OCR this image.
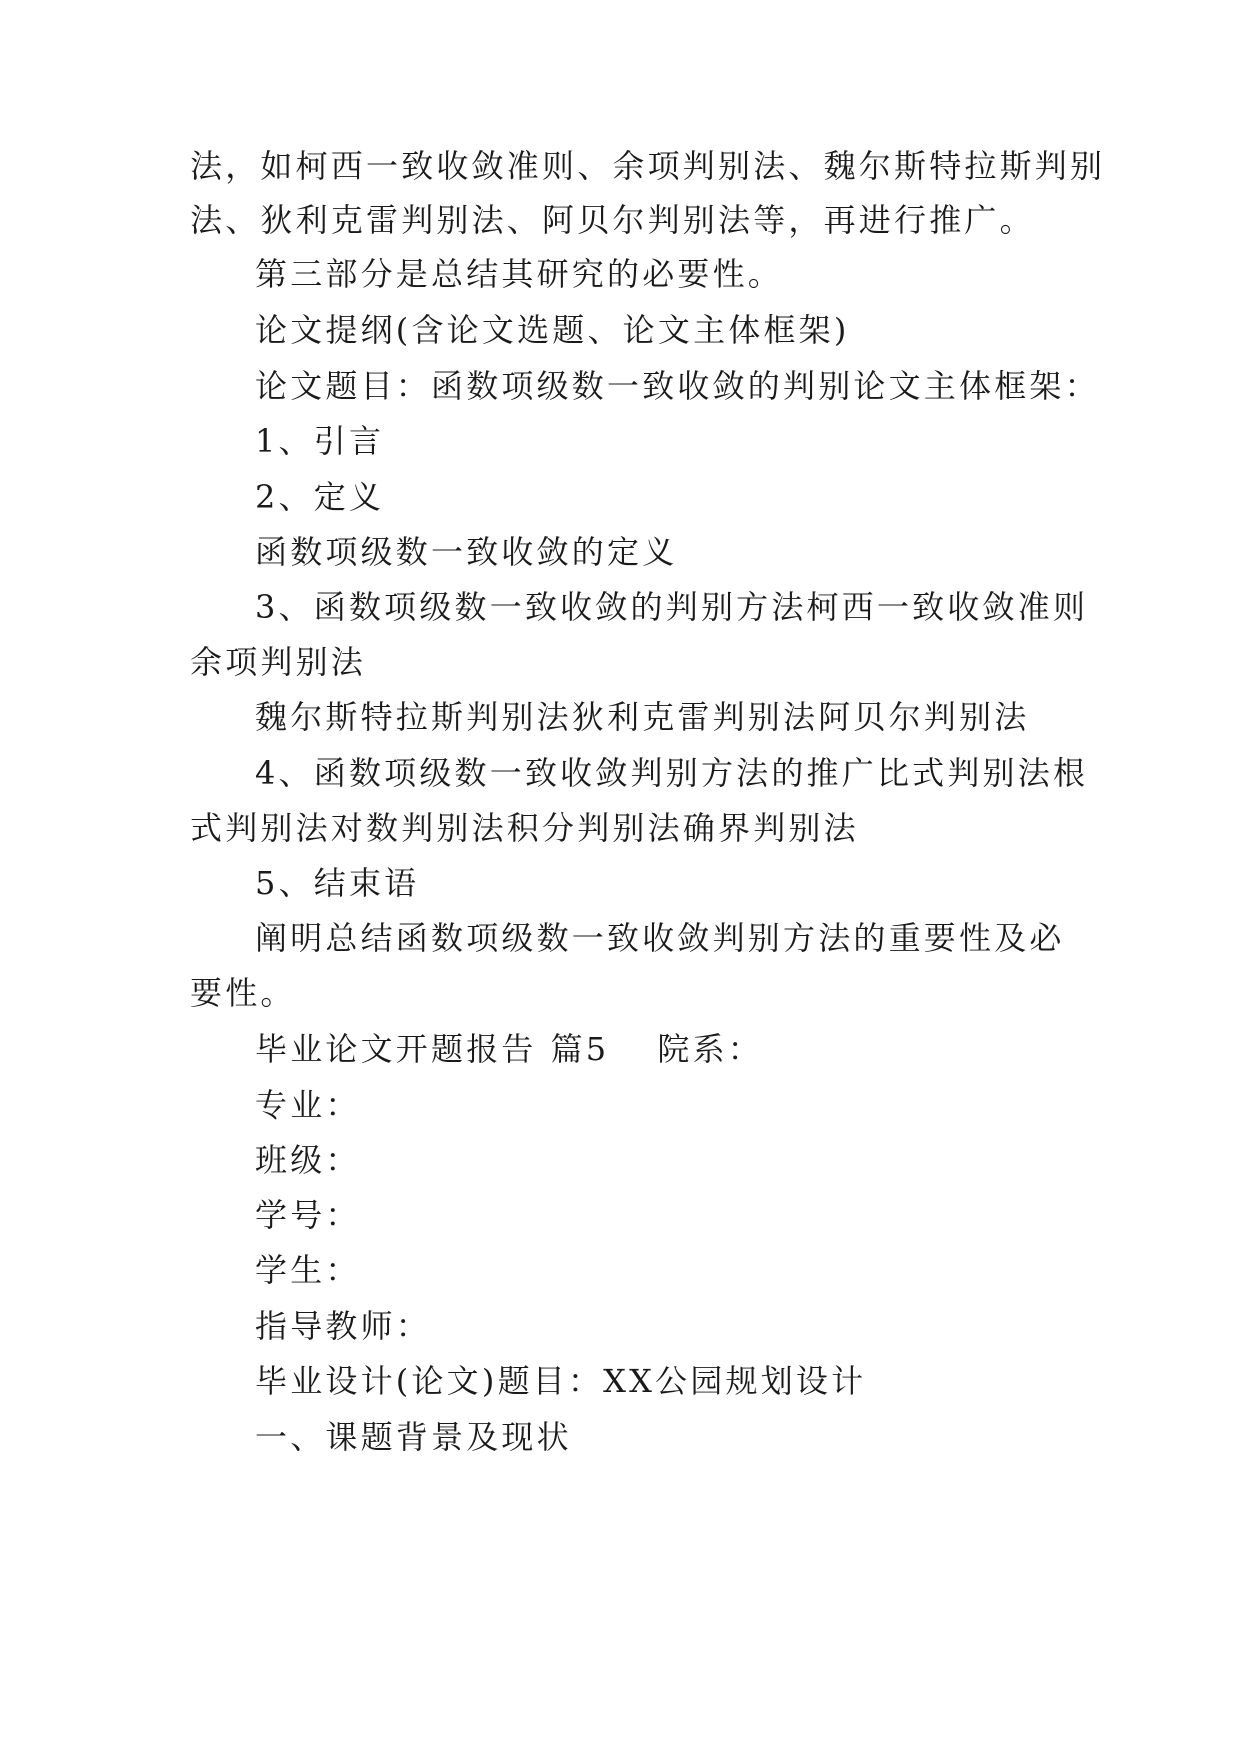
法，如柯西一致收敛准则、余项判别法、魏尔斯特拉斯判别

法、狄利克雷判别法、阿贝尔判别法等，再进行推广。

第三部分是总结其研究的必要性。

论文提纲(含论文选题、论文主体框架)

论文题目：函数项级数一致收敛的判别论文主体框架：

1、引言

2、定义

函数项级数一致收敛的定义

3、函数项级数一致收敛的判别方法柯西一致收敛准则

余项判别法

魏尔斯特拉斯判别法狄利克雷判别法阿贝尔判别法

4、函数项级数一致收敛判别方法的推广比式判别法根

式判别法对数判别法积分判别法确界判别法

5、结束语

阐明总结函数项级数一致收敛判别方法的重要性及必

要性。

毕业论文开题报告 篇5 院系：

专业：

班级：

学号：

学生：

指导教师：

毕业设计(论文)题目：XX公园规划设计

一、课题背景及现状
